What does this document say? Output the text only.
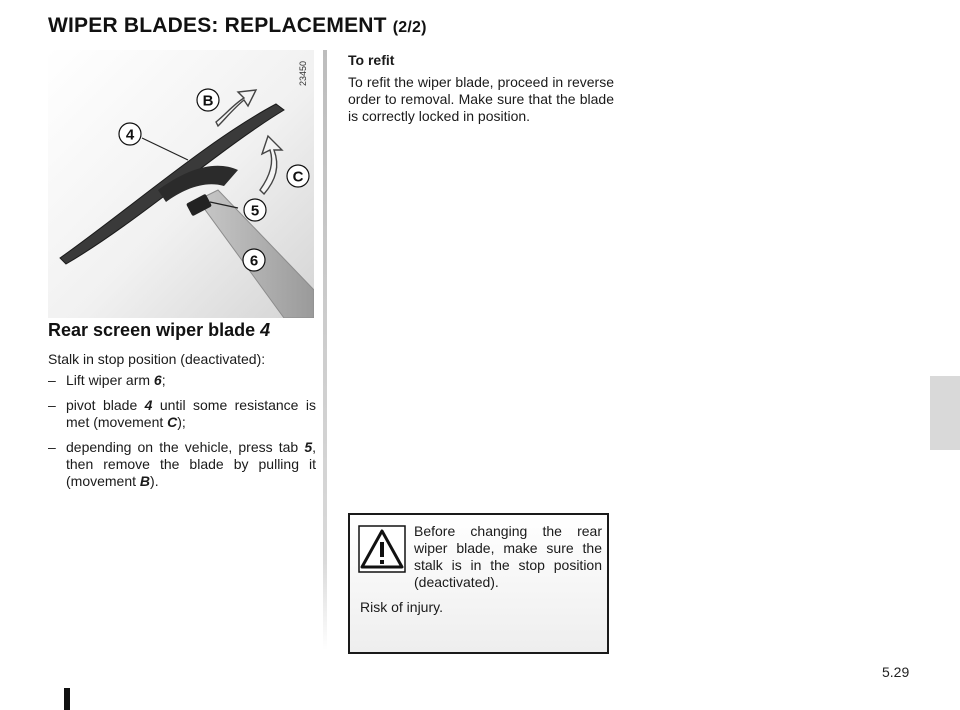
WIPER BLADES: REPLACEMENT (2/2)
B
4
C
5
6
23450
Rear screen wiper blade 4

Stalk in stop position (deactivated):

– Lift wiper arm 6;
– pivot blade 4 until some resistance is met (movement C);
– depending on the vehicle, press tab 5, then remove the blade by pulling it (movement B).
To refit

To refit the wiper blade, proceed in reverse order to removal. Make sure that the blade is correctly locked in position.

Before changing the rear wiper blade, make sure the stalk is in the stop position (deactivated).

Risk of injury.

5.29
